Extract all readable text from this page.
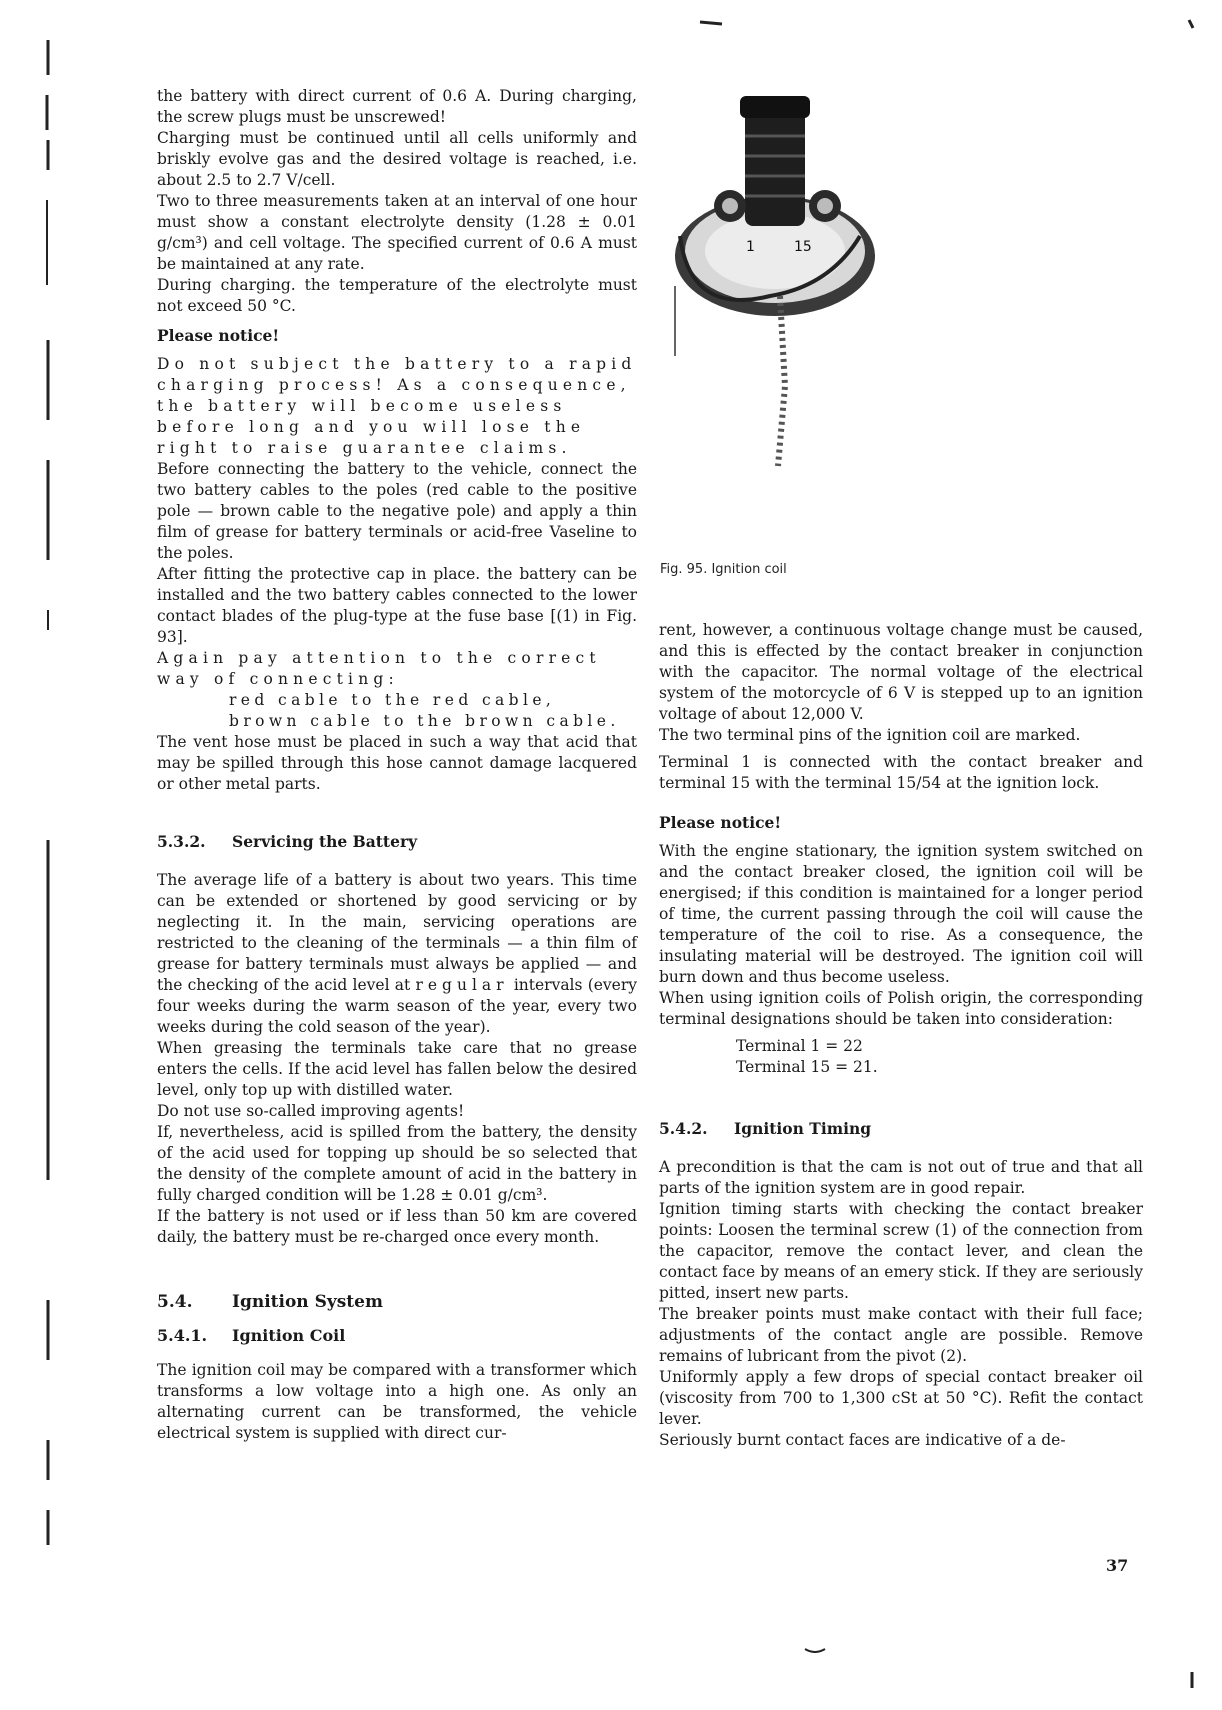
the battery with direct current of 0.6 A. During charging, the screw plugs must be unscrewed!

Charging must be continued until all cells uniformly and briskly evolve gas and the desired voltage is reached, i.e. about 2.5 to 2.7 V/cell.

Two to three measurements taken at an interval of one hour must show a constant electrolyte density (1.28 ± 0.01 g/cm³) and cell voltage. The specified current of 0.6 A must be maintained at any rate.

During charging. the temperature of the electrolyte must not exceed 50 °C.

Please notice!

Do not subject the battery to a rapid charging process! As a consequence, the battery will become useless before long and you will lose the right to raise guarantee claims.

Before connecting the battery to the vehicle, connect the two battery cables to the poles (red cable to the positive pole — brown cable to the negative pole) and apply a thin film of grease for battery terminals or acid-free Vaseline to the poles.

After fitting the protective cap in place. the battery can be installed and the two battery cables connected to the lower contact blades of the plug-type at the fuse base [(1) in Fig. 93].

Again pay attention to the correct way of connecting:

red cable to the red cable,

brown cable to the brown cable.

The vent hose must be placed in such a way that acid that may be spilled through this hose cannot damage lacquered or other metal parts.

5.3.2.	Servicing the Battery

The average life of a battery is about two years. This time can be extended or shortened by good servicing or by neglecting it. In the main, servicing operations are restricted to the cleaning of the terminals — a thin film of grease for battery terminals must always be applied — and the checking of the acid level at regular intervals (every four weeks during the warm season of the year, every two weeks during the cold season of the year).

When greasing the terminals take care that no grease enters the cells. If the acid level has fallen below the desired level, only top up with distilled water.

Do not use so-called improving agents!

If, nevertheless, acid is spilled from the battery, the density of the acid used for topping up should be so selected that the density of the complete amount of acid in the battery in fully charged condition will be 1.28 ± 0.01 g/cm³.

If the battery is not used or if less than 50 km are covered daily, the battery must be re-charged once every month.

5.4.	Ignition System

5.4.1.	Ignition Coil

The ignition coil may be compared with a transformer which transforms a low voltage into a high one. As only an alternating current can be transformed, the vehicle electrical system is supplied with direct cur-

1	15
Fig. 95. Ignition coil

rent, however, a continuous voltage change must be caused, and this is effected by the contact breaker in conjunction with the capacitor. The normal voltage of the electrical system of the motorcycle of 6 V is stepped up to an ignition voltage of about 12,000 V.

The two terminal pins of the ignition coil are marked.

Terminal 1 is connected with the contact breaker and terminal 15 with the terminal 15/54 at the ignition lock.

Please notice!

With the engine stationary, the ignition system switched on and the contact breaker closed, the ignition coil will be energised; if this condition is maintained for a longer period of time, the current passing through the coil will cause the temperature of the coil to rise. As a consequence, the insulating material will be destroyed. The ignition coil will burn down and thus become useless.

When using ignition coils of Polish origin, the corresponding terminal designations should be taken into consideration:

Terminal 1 = 22

Terminal 15 = 21.

5.4.2.	Ignition Timing

A precondition is that the cam is not out of true and that all parts of the ignition system are in good repair.

Ignition timing starts with checking the contact breaker points: Loosen the terminal screw (1) of the connection from the capacitor, remove the contact lever, and clean the contact face by means of an emery stick. If they are seriously pitted, insert new parts.

The breaker points must make contact with their full face; adjustments of the contact angle are possible. Remove remains of lubricant from the pivot (2).

Uniformly apply a few drops of special contact breaker oil (viscosity from 700 to 1,300 cSt at 50 °C). Refit the contact lever.

Seriously burnt contact faces are indicative of a de-

37
